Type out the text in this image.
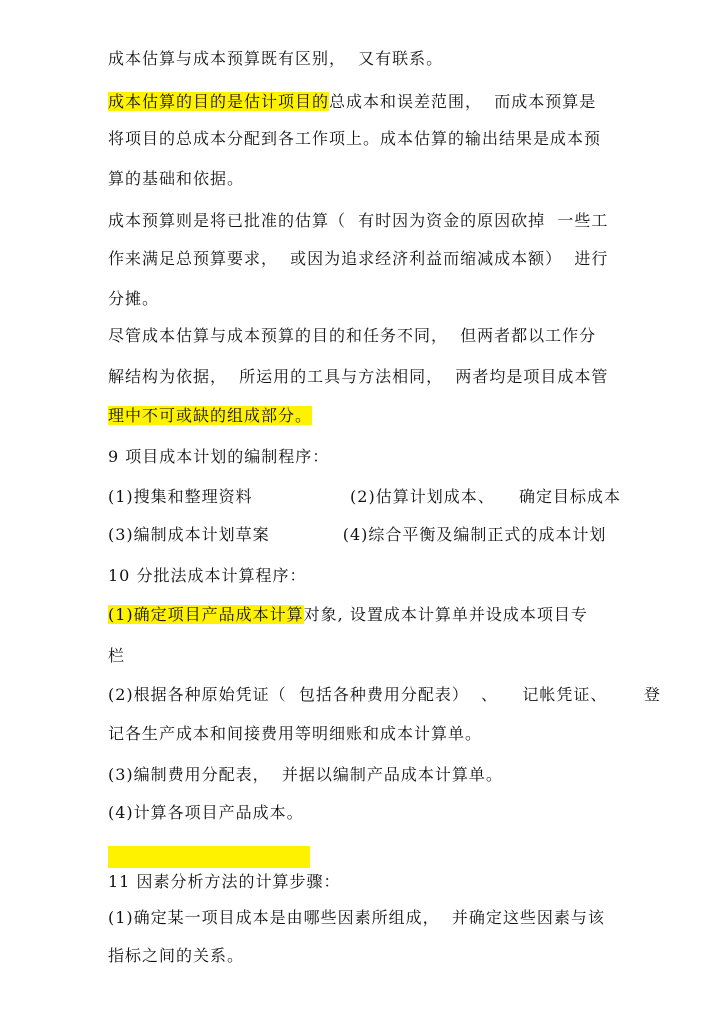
成本估算与成本预算既有区别，  又有联系。
成本估算的目的是估计项目的总成本和误差范围，  而成本预算是
将项目的总成本分配到各工作项上。成本估算的输出结果是成本预
算的基础和依据。
成本预算则是将已批准的估算（  有时因为资金的原因砍掉  一些工
作来满足总预算要求，  或因为追求经济利益而缩减成本额）  进行
分摊。
尽管成本估算与成本预算的目的和任务不同，  但两者都以工作分
解结构为依据，  所运用的工具与方法相同，  两者均是项目成本管
理中不可或缺的组成部分。
9 项目成本计划的编制程序：
(1)搜集和整理资料                (2)估算计划成本、    确定目标成本
(3)编制成本计划草案            (4)综合平衡及编制正式的成本计划
10 分批法成本计算程序：
(1)确定项目产品成本计算对象, 设置成本计算单并设成本项目专
栏
(2)根据各种原始凭证（  包括各种费用分配表）  、    记帐凭证、      登
记各生产成本和间接费用等明细账和成本计算单。
(3)编制费用分配表，  并据以编制产品成本计算单。
(4)计算各项目产品成本。
11 因素分析方法的计算步骤：
(1)确定某一项目成本是由哪些因素所组成，  并确定这些因素与该
指标之间的关系。
